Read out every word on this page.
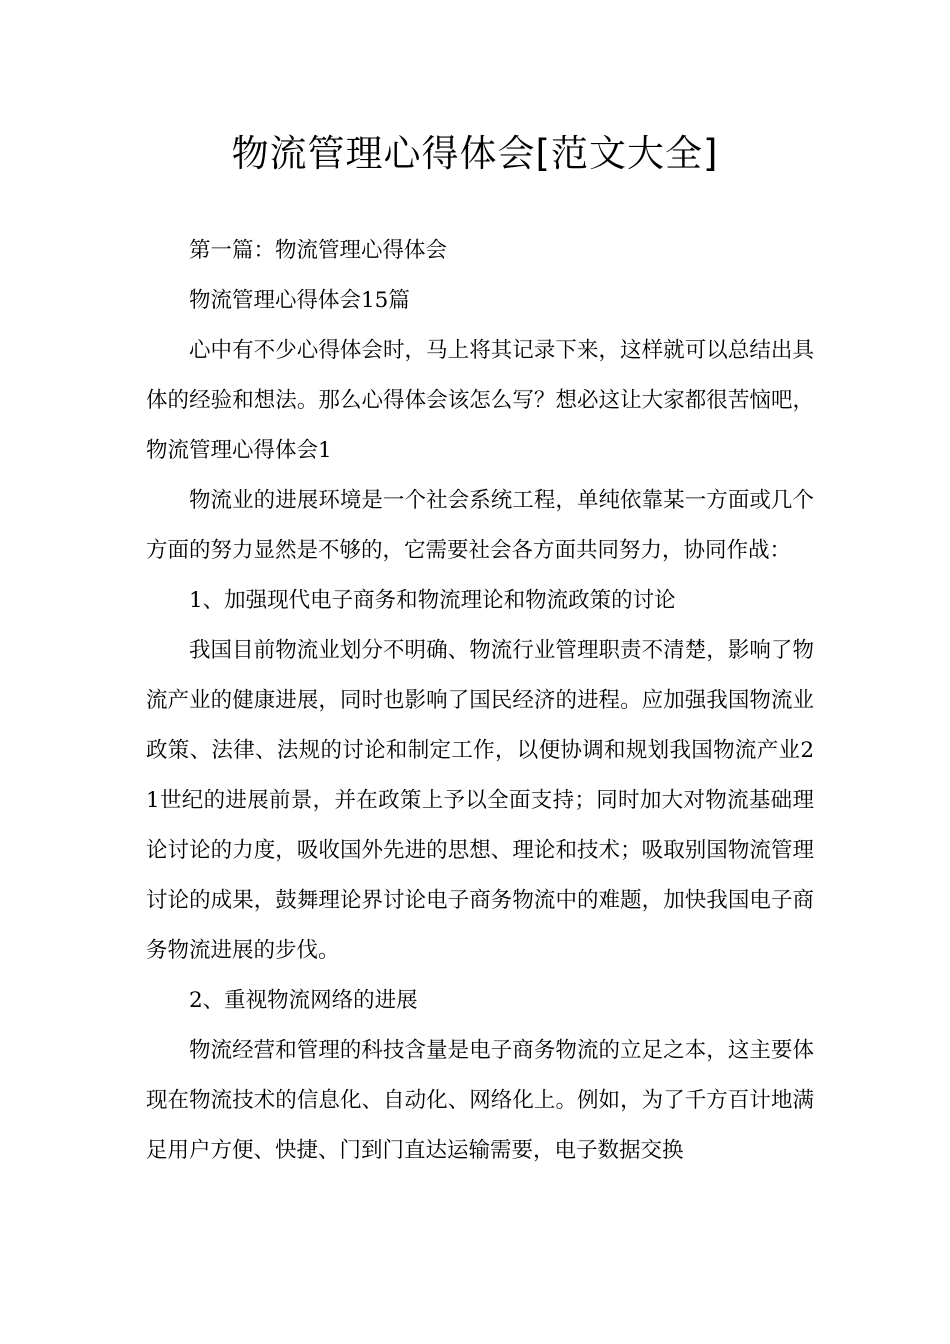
物流管理心得体会[范文大全]

第一篇：物流管理心得体会

物流管理心得体会15篇

心中有不少心得体会时，马上将其记录下来，这样就可以总结出具体的经验和想法。那么心得体会该怎么写？想必这让大家都很苦恼吧，物流管理心得体会1

物流业的进展环境是一个社会系统工程，单纯依靠某一方面或几个方面的努力显然是不够的，它需要社会各方面共同努力，协同作战：

1、加强现代电子商务和物流理论和物流政策的讨论

我国目前物流业划分不明确、物流行业管理职责不清楚，影响了物流产业的健康进展，同时也影响了国民经济的进程。应加强我国物流业政策、法律、法规的讨论和制定工作，以便协调和规划我国物流产业21世纪的进展前景，并在政策上予以全面支持；同时加大对物流基础理论讨论的力度，吸收国外先进的思想、理论和技术；吸取别国物流管理讨论的成果，鼓舞理论界讨论电子商务物流中的难题，加快我国电子商务物流进展的步伐。

2、重视物流网络的进展

物流经营和管理的科技含量是电子商务物流的立足之本，这主要体现在物流技术的信息化、自动化、网络化上。例如，为了千方百计地满足用户方便、快捷、门到门直达运输需要，电子数据交换
